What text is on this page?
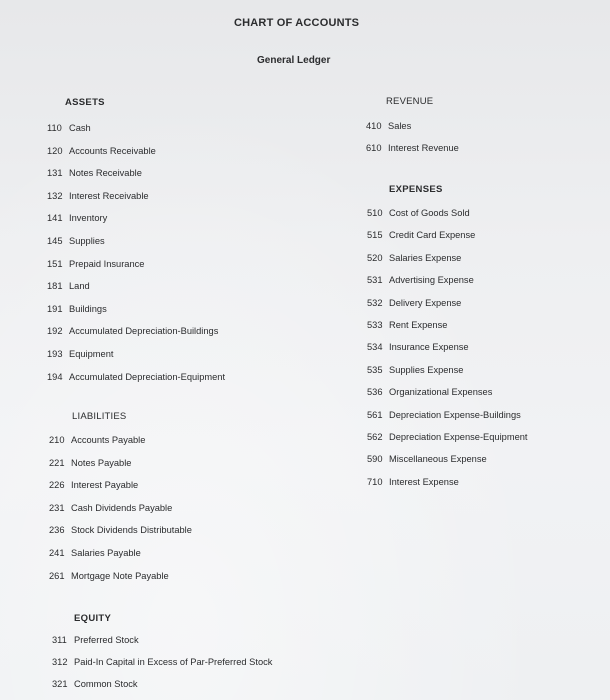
CHART OF ACCOUNTS
General Ledger
ASSETS
110 Cash
120 Accounts Receivable
131 Notes Receivable
132 Interest Receivable
141 Inventory
145 Supplies
151 Prepaid Insurance
181 Land
191 Buildings
192 Accumulated Depreciation-Buildings
193 Equipment
194 Accumulated Depreciation-Equipment
LIABILITIES
210 Accounts Payable
221 Notes Payable
226 Interest Payable
231 Cash Dividends Payable
236 Stock Dividends Distributable
241 Salaries Payable
261 Mortgage Note Payable
EQUITY
311 Preferred Stock
312 Paid-In Capital in Excess of Par-Preferred Stock
321 Common Stock
REVENUE
410 Sales
610 Interest Revenue
EXPENSES
510 Cost of Goods Sold
515 Credit Card Expense
520 Salaries Expense
531 Advertising Expense
532 Delivery Expense
533 Rent Expense
534 Insurance Expense
535 Supplies Expense
536 Organizational Expenses
561 Depreciation Expense-Buildings
562 Depreciation Expense-Equipment
590 Miscellaneous Expense
710 Interest Expense
